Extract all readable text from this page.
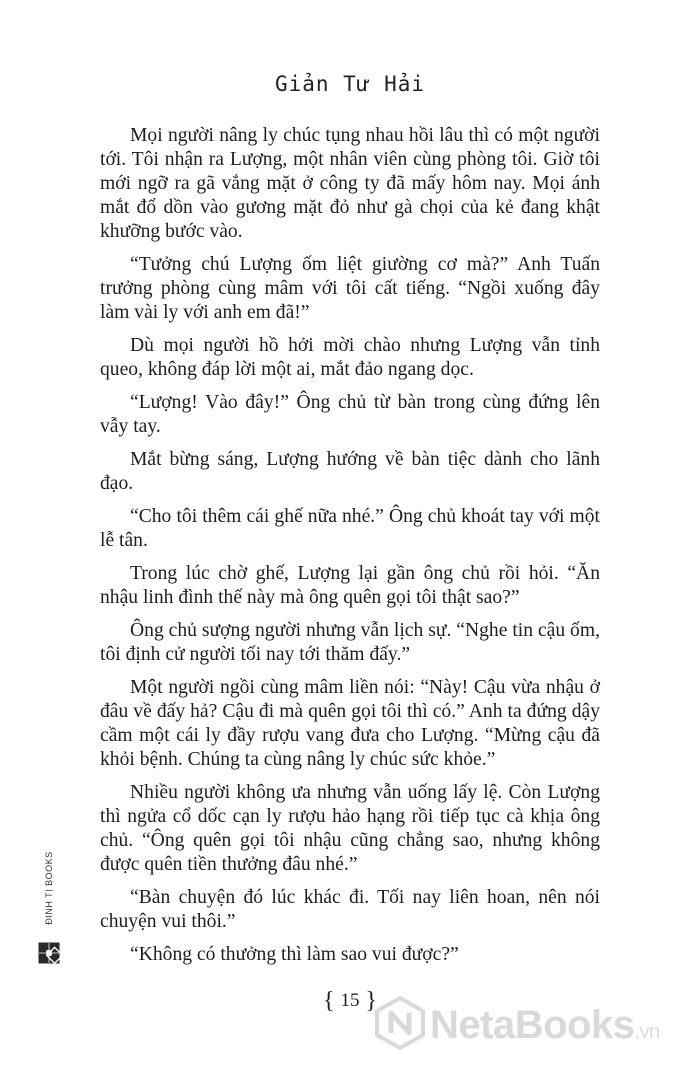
Giản Tư Hải

Mọi người nâng ly chúc tụng nhau hồi lâu thì có một người tới. Tôi nhận ra Lượng, một nhân viên cùng phòng tôi. Giờ tôi mới ngỡ ra gã vắng mặt ở công ty đã mấy hôm nay. Mọi ánh mắt đổ dồn vào gương mặt đỏ như gà chọi của kẻ đang khật khưỡng bước vào.

“Tưởng chú Lượng ốm liệt giường cơ mà?” Anh Tuấn trưởng phòng cùng mâm với tôi cất tiếng. “Ngồi xuống đây làm vài ly với anh em đã!”

Dù mọi người hồ hởi mời chào nhưng Lượng vẫn tỉnh queo, không đáp lời một ai, mắt đảo ngang dọc.

“Lượng! Vào đây!” Ông chủ từ bàn trong cùng đứng lên vẫy tay.

Mắt bừng sáng, Lượng hướng về bàn tiệc dành cho lãnh đạo.

“Cho tôi thêm cái ghế nữa nhé.” Ông chủ khoát tay với một lễ tân.

Trong lúc chờ ghế, Lượng lại gần ông chủ rồi hỏi. “Ăn nhậu linh đình thế này mà ông quên gọi tôi thật sao?”

Ông chủ sượng người nhưng vẫn lịch sự. “Nghe tin cậu ốm, tôi định cử người tối nay tới thăm đấy.”

Một người ngồi cùng mâm liền nói: “Này! Cậu vừa nhậu ở đâu về đấy hả? Cậu đi mà quên gọi tôi thì có.” Anh ta đứng dậy cầm một cái ly đầy rượu vang đưa cho Lượng. “Mừng cậu đã khỏi bệnh. Chúng ta cùng nâng ly chúc sức khỏe.”

Nhiều người không ưa nhưng vẫn uống lấy lệ. Còn Lượng thì ngửa cổ dốc cạn ly rượu hảo hạng rồi tiếp tục cà khịa ông chủ. “Ông quên gọi tôi nhậu cũng chẳng sao, nhưng không được quên tiền thưởng đâu nhé.”

“Bàn chuyện đó lúc khác đi. Tối nay liên hoan, nên nói chuyện vui thôi.”

“Không có thưởng thì làm sao vui được?”

{ 15 }
ĐINH TỊ BOOKS
NetaBooks.vn
